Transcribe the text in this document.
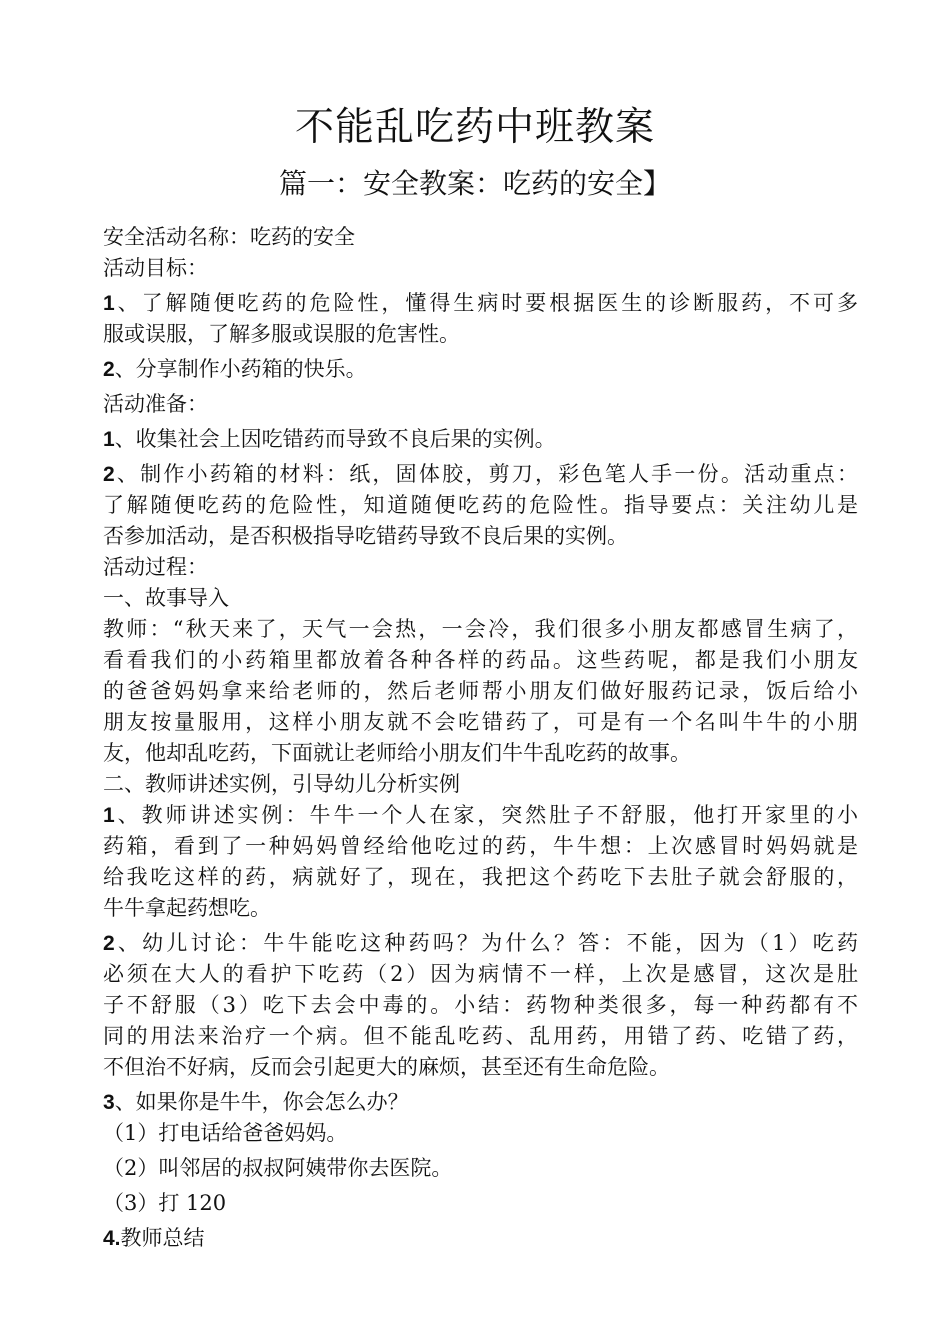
不能乱吃药中班教案
篇一：安全教案：吃药的安全】
安全活动名称：吃药的安全
活动目标：
1、了解随便吃药的危险性，懂得生病时要根据医生的诊断服药，不可多
服或误服，了解多服或误服的危害性。
2、分享制作小药箱的快乐。
活动准备：
1、收集社会上因吃错药而导致不良后果的实例。
2、制作小药箱的材料：纸，固体胶，剪刀，彩色笔人手一份。活动重点：
了解随便吃药的危险性，知道随便吃药的危险性。指导要点：关注幼儿是
否参加活动，是否积极指导吃错药导致不良后果的实例。
活动过程：
一、故事导入
教师：“秋天来了，天气一会热，一会冷，我们很多小朋友都感冒生病了，
看看我们的小药箱里都放着各种各样的药品。这些药呢，都是我们小朋友
的爸爸妈妈拿来给老师的，然后老师帮小朋友们做好服药记录，饭后给小
朋友按量服用，这样小朋友就不会吃错药了，可是有一个名叫牛牛的小朋
友，他却乱吃药，下面就让老师给小朋友们牛牛乱吃药的故事。
二、教师讲述实例，引导幼儿分析实例
1、教师讲述实例：牛牛一个人在家，突然肚子不舒服，他打开家里的小
药箱，看到了一种妈妈曾经给他吃过的药，牛牛想：上次感冒时妈妈就是
给我吃这样的药，病就好了，现在，我把这个药吃下去肚子就会舒服的，
牛牛拿起药想吃。
2、幼儿讨论：牛牛能吃这种药吗？为什么？答：不能，因为（1）吃药
必须在大人的看护下吃药（2）因为病情不一样，上次是感冒，这次是肚
子不舒服（3）吃下去会中毒的。小结：药物种类很多，每一种药都有不
同的用法来治疗一个病。但不能乱吃药、乱用药，用错了药、吃错了药，
不但治不好病，反而会引起更大的麻烦，甚至还有生命危险。
3、如果你是牛牛，你会怎么办？
（1）打电话给爸爸妈妈。
（2）叫邻居的叔叔阿姨带你去医院。
（3）打 120
4.教师总结
